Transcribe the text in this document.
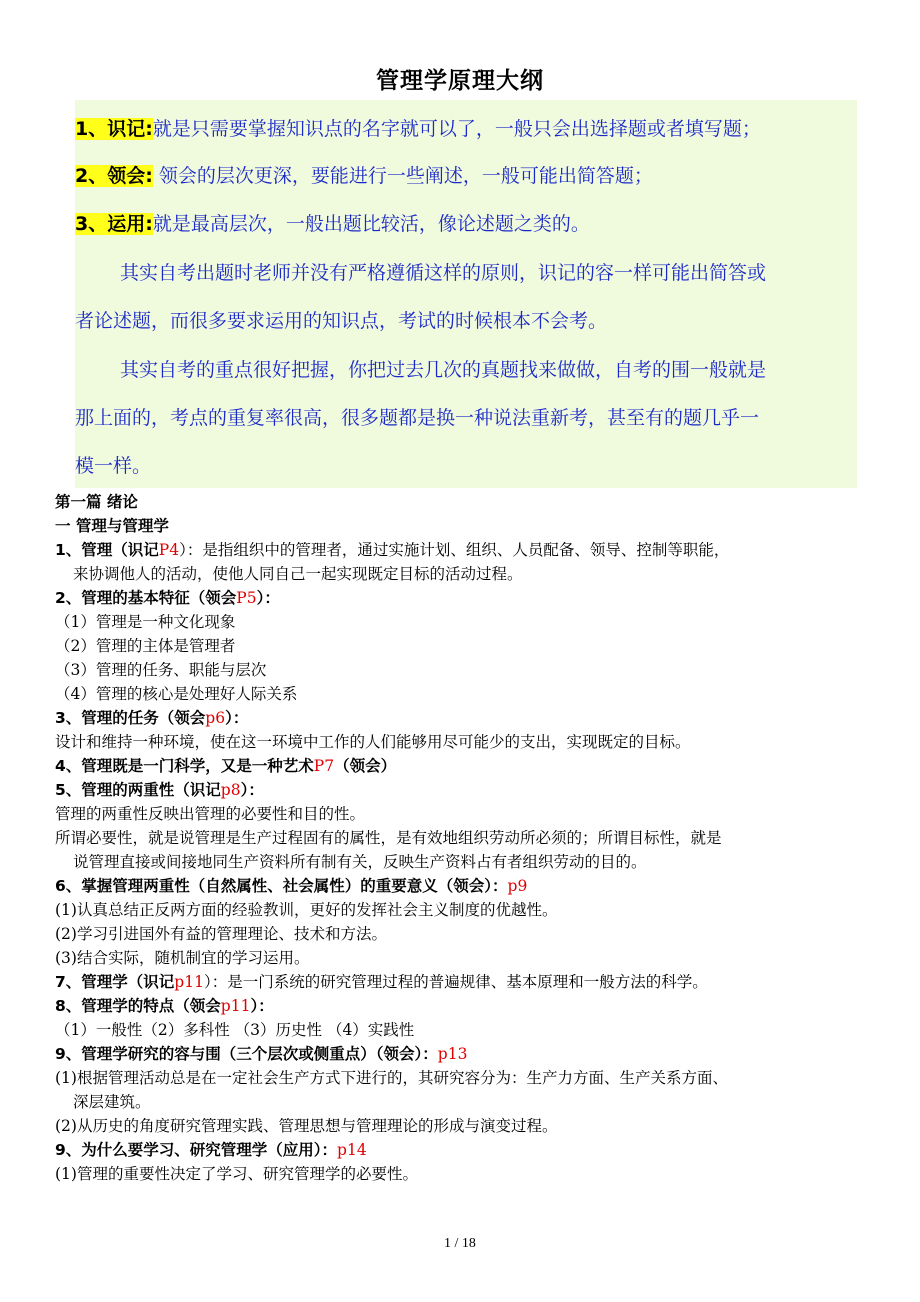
管理学原理大纲
1、识记:就是只需要掌握知识点的名字就可以了，一般只会出选择题或者填写题；
2、领会: 领会的层次更深，要能进行一些阐述，一般可能出简答题；
3、运用:就是最高层次，一般出题比较活，像论述题之类的。
其实自考出题时老师并没有严格遵循这样的原则，识记的容一样可能出简答或
者论述题，而很多要求运用的知识点，考试的时候根本不会考。
其实自考的重点很好把握，你把过去几次的真题找来做做，自考的围一般就是
那上面的，考点的重复率很高，很多题都是换一种说法重新考，甚至有的题几乎一
模一样。
第一篇 绪论
一 管理与管理学
1、管理（识记P4）：是指组织中的管理者，通过实施计划、组织、人员配备、领导、控制等职能，
来协调他人的活动，使他人同自己一起实现既定目标的活动过程。
2、管理的基本特征（领会P5）：
（1）管理是一种文化现象
（2）管理的主体是管理者
（3）管理的任务、职能与层次
（4）管理的核心是处理好人际关系
3、管理的任务（领会p6）：
设计和维持一种环境，使在这一环境中工作的人们能够用尽可能少的支出，实现既定的目标。
4、管理既是一门科学，又是一种艺术P7（领会）
5、管理的两重性（识记p8）：
管理的两重性反映出管理的必要性和目的性。
所谓必要性，就是说管理是生产过程固有的属性，是有效地组织劳动所必须的；所谓目标性，就是
说管理直接或间接地同生产资料所有制有关，反映生产资料占有者组织劳动的目的。
6、掌握管理两重性（自然属性、社会属性）的重要意义（领会）：p9
(1)认真总结正反两方面的经验教训，更好的发挥社会主义制度的优越性。
(2)学习引进国外有益的管理理论、技术和方法。
(3)结合实际，随机制宜的学习运用。
7、管理学（识记p11）：是一门系统的研究管理过程的普遍规律、基本原理和一般方法的科学。
8、管理学的特点（领会p11）：
（1）一般性（2）多科性 （3）历史性 （4）实践性
9、管理学研究的容与围（三个层次或侧重点）（领会）：p13
(1)根据管理活动总是在一定社会生产方式下进行的，其研究容分为：生产力方面、生产关系方面、
深层建筑。
(2)从历史的角度研究管理实践、管理思想与管理理论的形成与演变过程。
9、为什么要学习、研究管理学（应用）：p14
(1)管理的重要性决定了学习、研究管理学的必要性。
1 / 18
